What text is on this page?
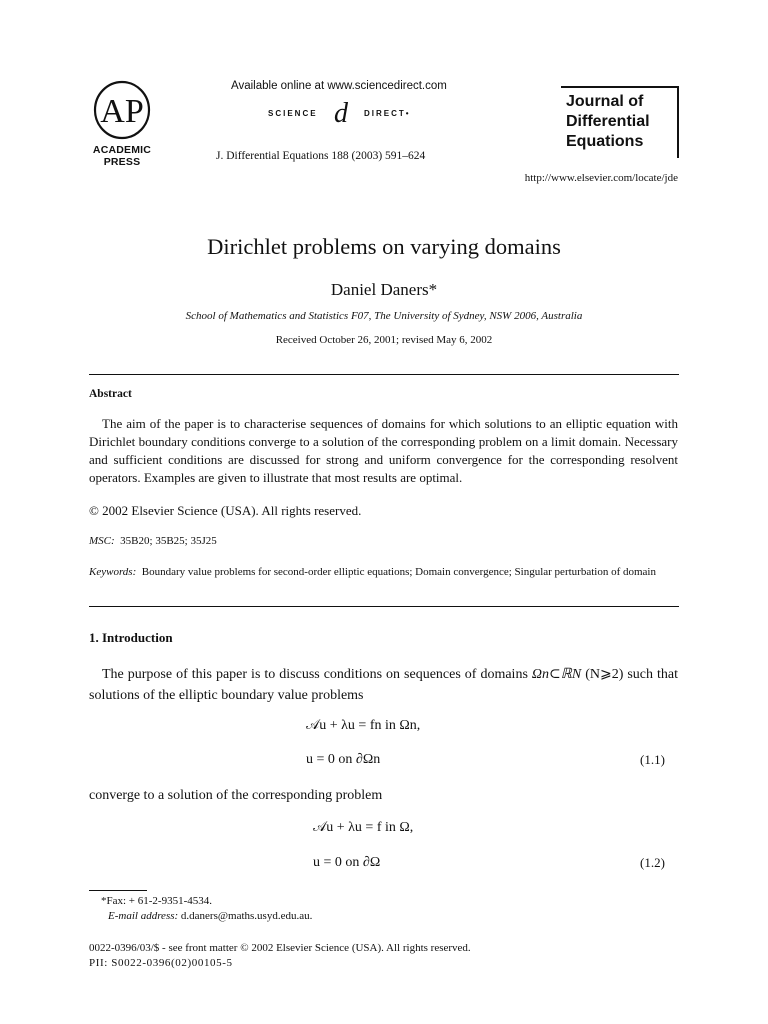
AP
ACADEMIC
PRESS
Available online at www.sciencedirect.com
SCIENCE d DIRECT•
J. Differential Equations 188 (2003) 591–624
Journal of
Differential
Equations
http://www.elsevier.com/locate/jde
Dirichlet problems on varying domains
Daniel Daners*
School of Mathematics and Statistics F07, The University of Sydney, NSW 2006, Australia
Received October 26, 2001; revised May 6, 2002
Abstract
The aim of the paper is to characterise sequences of domains for which solutions to an elliptic equation with Dirichlet boundary conditions converge to a solution of the corresponding problem on a limit domain. Necessary and sufficient conditions are discussed for strong and uniform convergence for the corresponding resolvent operators. Examples are given to illustrate that most results are optimal.
© 2002 Elsevier Science (USA). All rights reserved.
MSC: 35B20; 35B25; 35J25
Keywords: Boundary value problems for second-order elliptic equations; Domain convergence; Singular perturbation of domain
1. Introduction
The purpose of this paper is to discuss conditions on sequences of domains Ωn⊂ℝN (N⩾2) such that solutions of the elliptic boundary value problems
𝒜u + λu = fn in Ωn,
u = 0 on ∂Ωn	(1.1)
converge to a solution of the corresponding problem
𝒜u + λu = f in Ω,
u = 0 on ∂Ω	(1.2)
*Fax: + 61-2-9351-4534.
E-mail address: d.daners@maths.usyd.edu.au.
0022-0396/03/$ - see front matter © 2002 Elsevier Science (USA). All rights reserved.
PII: S0022-0396(02)00105-5
